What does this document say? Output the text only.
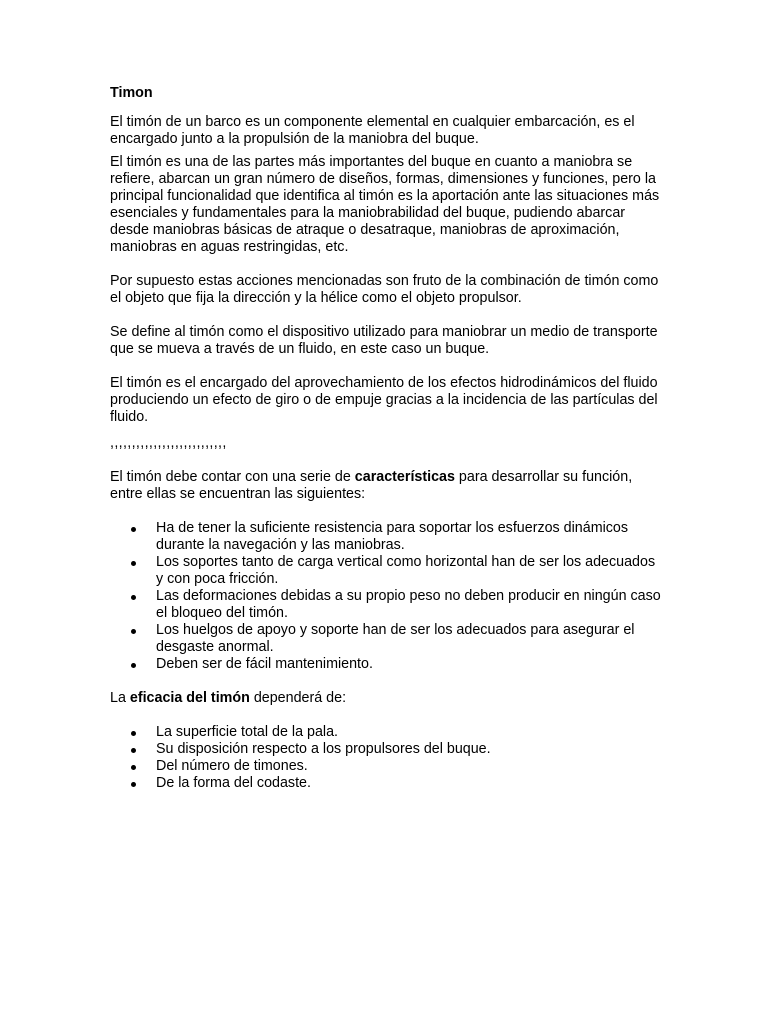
Timon

El timón de un barco es un componente elemental en cualquier embarcación, es el encargado junto a la propulsión de la maniobra del buque.

El timón es una de las partes más importantes del buque en cuanto a maniobra se refiere, abarcan un gran número de diseños, formas, dimensiones y funciones, pero la principal funcionalidad que identifica al timón es la aportación ante las situaciones más esenciales y fundamentales para la maniobrabilidad del buque, pudiendo abarcar desde maniobras básicas de atraque o desatraque, maniobras de aproximación, maniobras en aguas restringidas, etc.

Por supuesto estas acciones mencionadas son fruto de la combinación de timón como el objeto que fija la dirección y la hélice como el objeto propulsor.

Se define al timón como el dispositivo utilizado para maniobrar un medio de transporte que se mueva a través de un fluido, en este caso un buque.

El timón es el encargado del aprovechamiento de los efectos hidrodinámicos del fluido produciendo un efecto de giro o de empuje gracias a la incidencia de las partículas del fluido.

,,,,,,,,,,,,,,,,,,,,,,,,,,,

El timón debe contar con una serie de características para desarrollar su función, entre ellas se encuentran las siguientes:

Ha de tener la suficiente resistencia para soportar los esfuerzos dinámicos durante la navegación y las maniobras.
Los soportes tanto de carga vertical como horizontal han de ser los adecuados y con poca fricción.
Las deformaciones debidas a su propio peso no deben producir en ningún caso el bloqueo del timón.
Los huelgos de apoyo y soporte han de ser los adecuados para asegurar el desgaste anormal.
Deben ser de fácil mantenimiento.

La eficacia del timón dependerá de:

La superficie total de la pala.
Su disposición respecto a los propulsores del buque.
Del número de timones.
De la forma del codaste.
